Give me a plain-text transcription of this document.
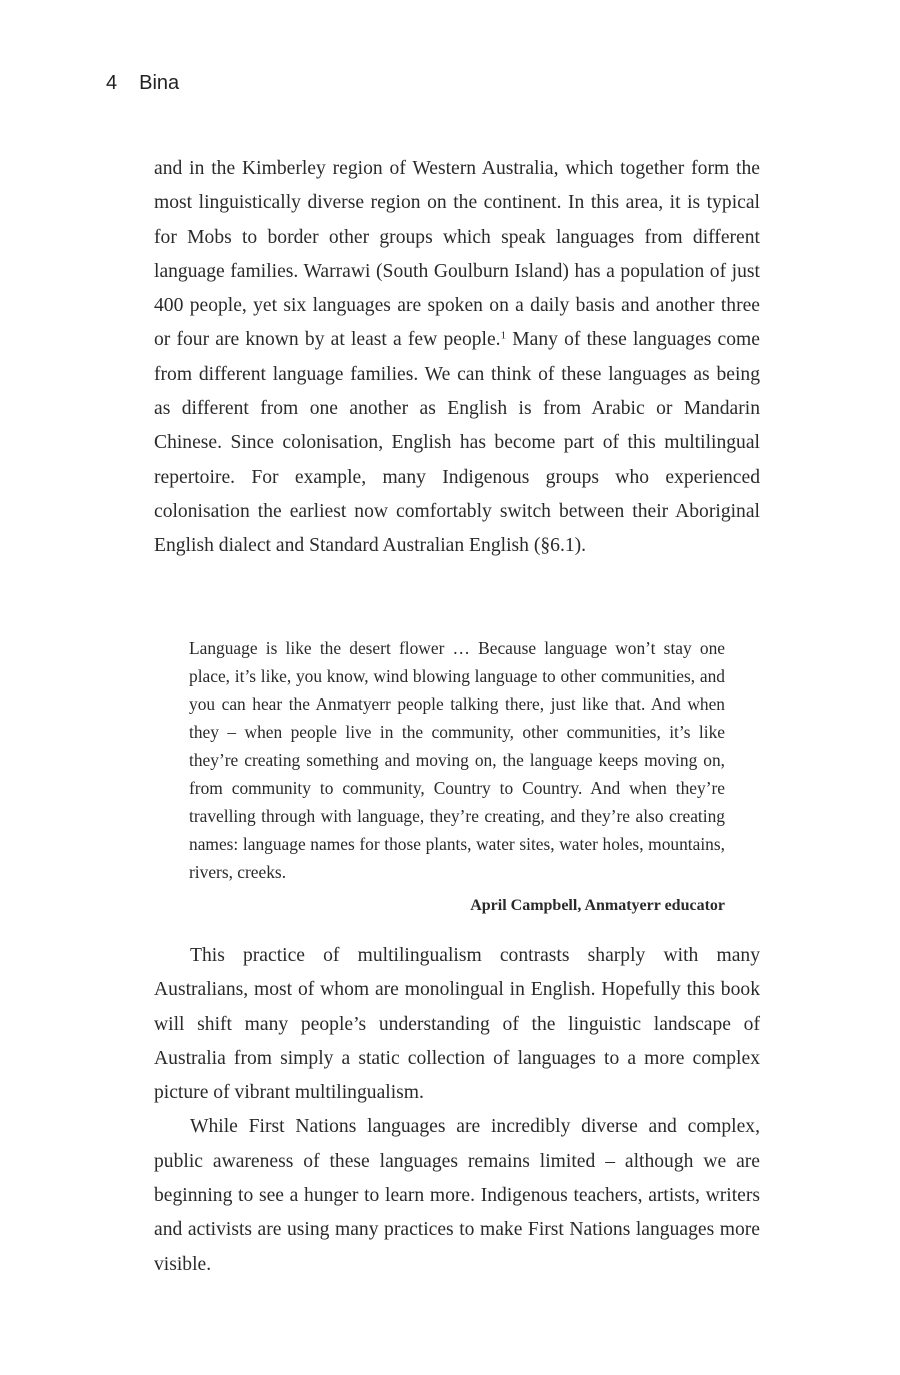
4 Bina

and in the Kimberley region of Western Australia, which together form the most linguistically diverse region on the continent. In this area, it is typical for Mobs to border other groups which speak languages from different language families. Warrawi (South Goulburn Island) has a population of just 400 people, yet six languages are spoken on a daily basis and another three or four are known by at least a few people.$^1$ Many of these languages come from different language families. We can think of these languages as being as different from one another as English is from Arabic or Mandarin Chinese. Since colonisation, English has become part of this multilingual repertoire. For example, many Indigenous groups who experienced colonisation the earliest now comfortably switch between their Aboriginal English dialect and Standard Australian English (§6.1).

Language is like the desert flower … Because language won’t stay one place, it’s like, you know, wind blowing language to other communities, and you can hear the Anmatyerr people talking there, just like that. And when they – when people live in the community, other communities, it’s like they’re creating something and moving on, the language keeps moving on, from community to community, Country to Country. And when they’re travelling through with language, they’re creating, and they’re also creating names: language names for those plants, water sites, water holes, mountains, rivers, creeks.

April Campbell, Anmatyerr educator

This practice of multilingualism contrasts sharply with many Australians, most of whom are monolingual in English. Hopefully this book will shift many people’s understanding of the linguistic landscape of Australia from simply a static collection of languages to a more complex picture of vibrant multilingualism.

While First Nations languages are incredibly diverse and complex, public awareness of these languages remains limited – although we are beginning to see a hunger to learn more. Indigenous teachers, artists, writers and activists are using many practices to make First Nations languages more visible.
